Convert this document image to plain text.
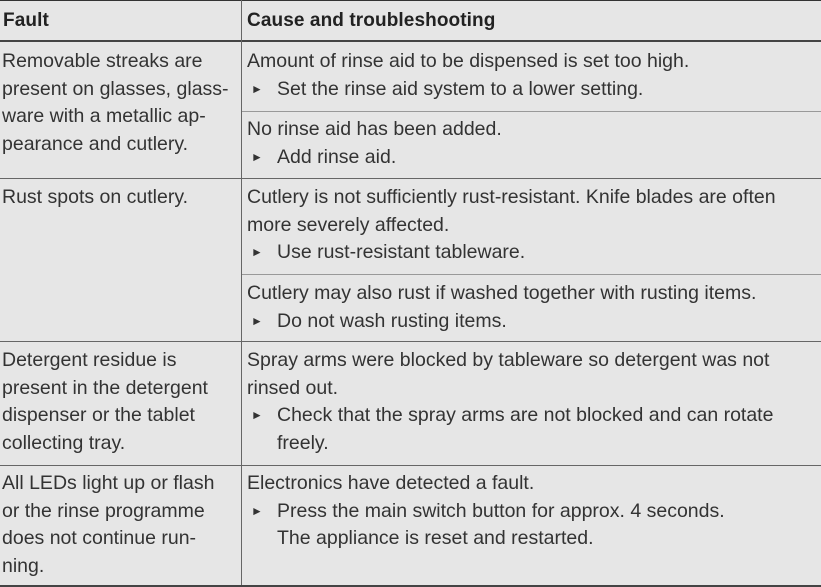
Fault	Cause and troubleshooting
Removable streaks are
present on glasses, glass-
ware with a metallic ap-
pearance and cutlery.
Amount of rinse aid to be dispensed is set too high.
► Set the rinse aid system to a lower setting.
No rinse aid has been added.
► Add rinse aid.
Rust spots on cutlery.	Cutlery is not sufficiently rust-resistant. Knife blades are often
more severely affected.
► Use rust-resistant tableware.
Cutlery may also rust if washed together with rusting items.
► Do not wash rusting items.
Detergent residue is
present in the detergent
dispenser or the tablet
collecting tray.
Spray arms were blocked by tableware so detergent was not
rinsed out.
► Check that the spray arms are not blocked and can rotate
freely.
All LEDs light up or flash
or the rinse programme
does not continue run-
ning.
Electronics have detected a fault.
► Press the main switch button for approx. 4 seconds.
The appliance is reset and restarted.
